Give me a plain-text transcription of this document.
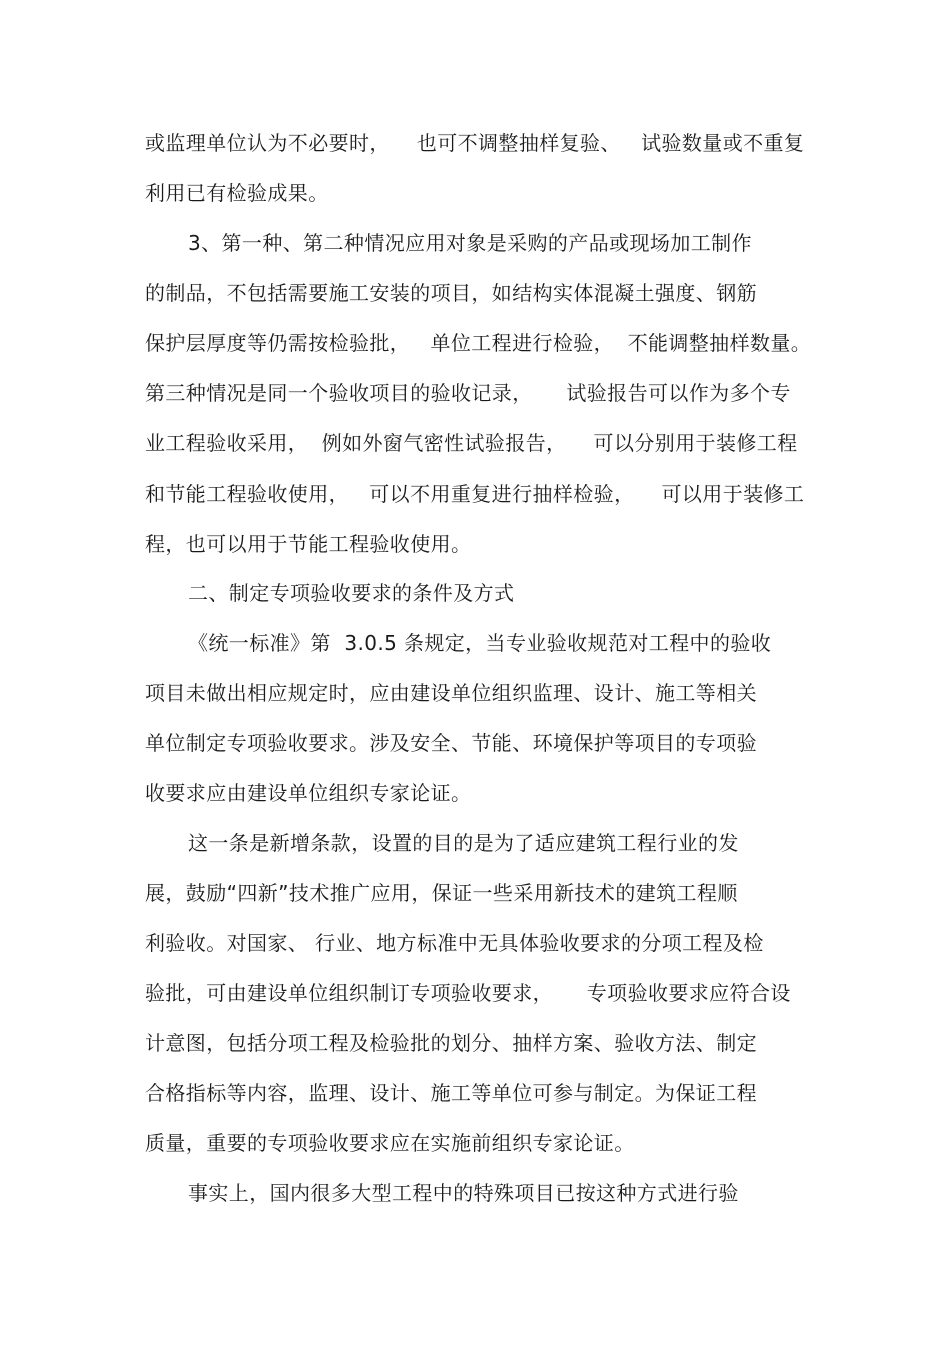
或监理单位认为不必要时，    也可不调整抽样复验、   试验数量或不重复
利用已有检验成果。
3、第一种、第二种情况应用对象是采购的产品或现场加工制作
的制品，不包括需要施工安装的项目，如结构实体混凝土强度、钢筋
保护层厚度等仍需按检验批，   单位工程进行检验，  不能调整抽样数量。
第三种情况是同一个验收项目的验收记录，     试验报告可以作为多个专
业工程验收采用，  例如外窗气密性试验报告，    可以分别用于装修工程
和节能工程验收使用，   可以不用重复进行抽样检验，    可以用于装修工
程，也可以用于节能工程验收使用。
二、制定专项验收要求的条件及方式
《统一标准》第  3.0.5 条规定，当专业验收规范对工程中的验收
项目未做出相应规定时，应由建设单位组织监理、设计、施工等相关
单位制定专项验收要求。涉及安全、节能、环境保护等项目的专项验
收要求应由建设单位组织专家论证。
这一条是新增条款，设置的目的是为了适应建筑工程行业的发
展，鼓励“四新”技术推广应用，保证一些采用新技术的建筑工程顺
利验收。对国家、 行业、地方标准中无具体验收要求的分项工程及检
验批，可由建设单位组织制订专项验收要求，     专项验收要求应符合设
计意图，包括分项工程及检验批的划分、抽样方案、验收方法、制定
合格指标等内容，监理、设计、施工等单位可参与制定。为保证工程
质量，重要的专项验收要求应在实施前组织专家论证。
事实上，国内很多大型工程中的特殊项目已按这种方式进行验
